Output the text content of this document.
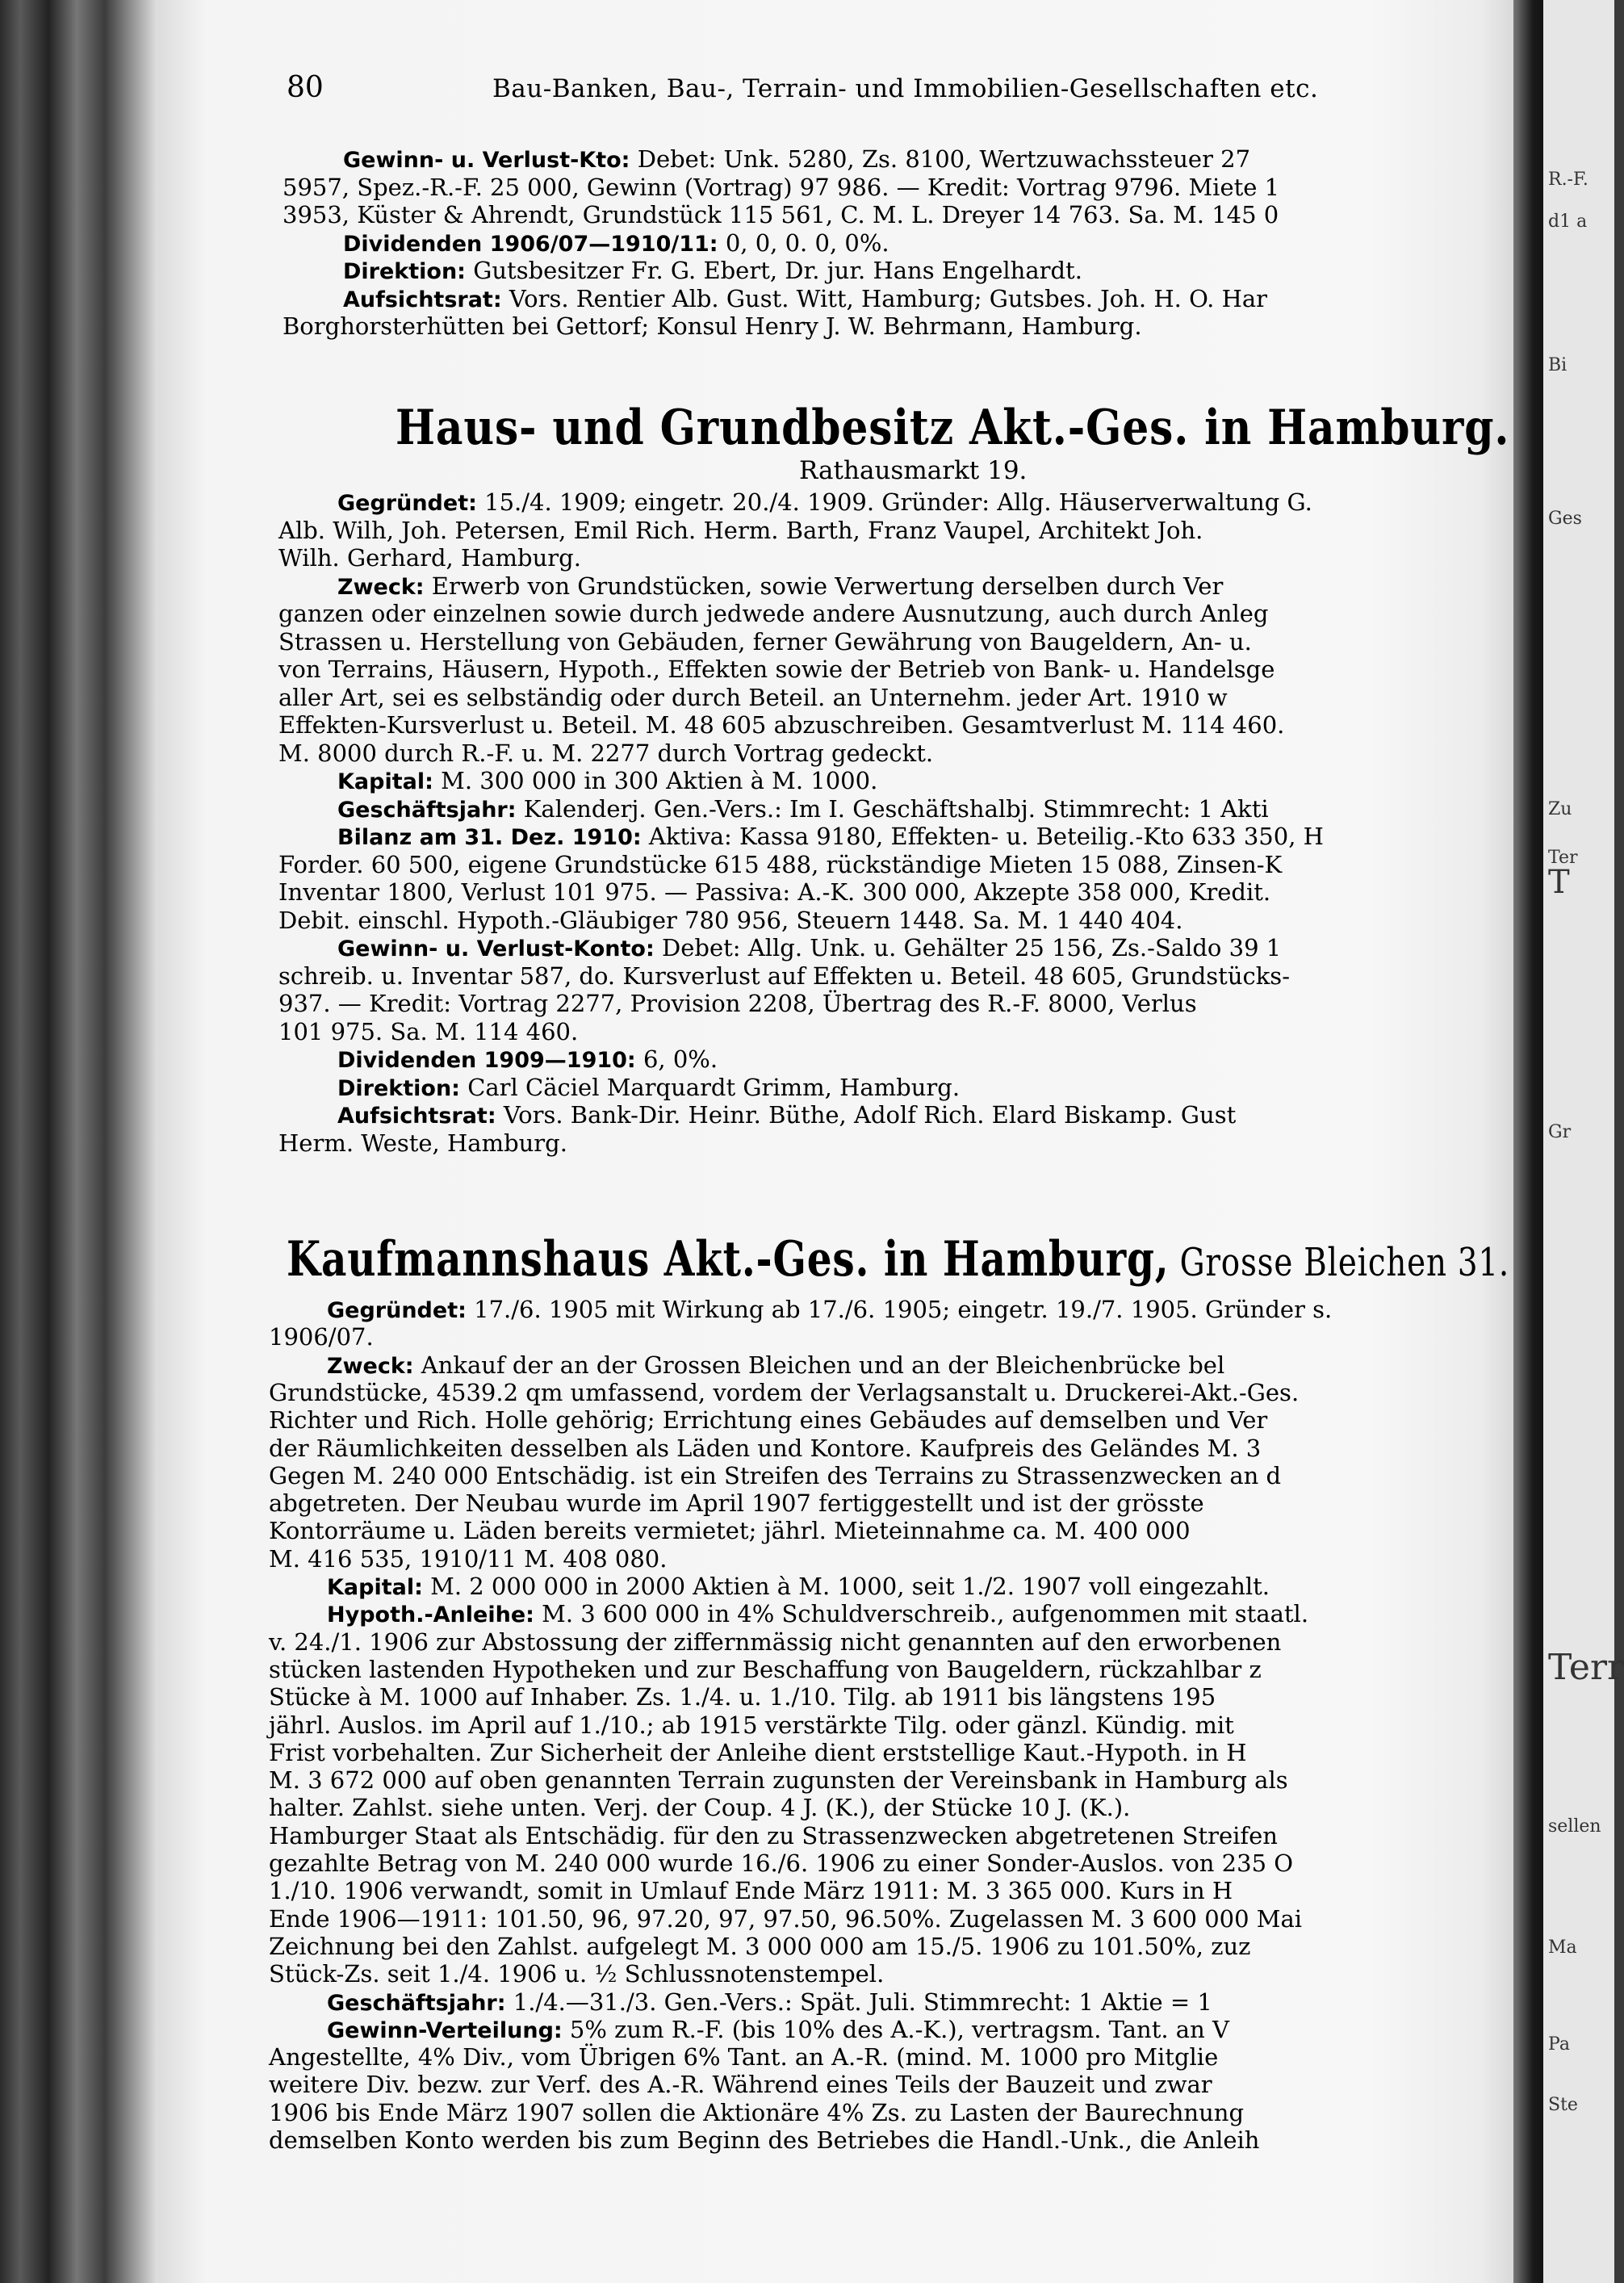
R.-F.
d1 a
Bi
Ter
Ges
Gr
Zu
T
Terr
sellen
Ma
Pa
Ste
80	Bau-Banken, Bau-, Terrain- und Immobilien-Gesellschaften etc.
Gewinn- u. Verlust-Kto: Debet: Unk. 5280, Zs. 8100, Wertzuwachssteuer 27
5957, Spez.-R.-F. 25 000, Gewinn (Vortrag) 97 986. — Kredit: Vortrag 9796. Miete 1
3953, Küster & Ahrendt, Grundstück 115 561, C. M. L. Dreyer 14 763. Sa. M. 145 0
Dividenden 1906/07—1910/11: 0, 0, 0. 0, 0%.
Direktion: Gutsbesitzer Fr. G. Ebert, Dr. jur. Hans Engelhardt.
Aufsichtsrat: Vors. Rentier Alb. Gust. Witt, Hamburg; Gutsbes. Joh. H. O. Har
Borghorsterhütten bei Gettorf; Konsul Henry J. W. Behrmann, Hamburg.
Haus- und Grundbesitz Akt.-Ges. in Hamburg.
Rathausmarkt 19.
Gegründet: 15./4. 1909; eingetr. 20./4. 1909. Gründer: Allg. Häuserverwaltung G.
Alb. Wilh, Joh. Petersen, Emil Rich. Herm. Barth, Franz Vaupel, Architekt Joh.
Wilh. Gerhard, Hamburg.
Zweck: Erwerb von Grundstücken, sowie Verwertung derselben durch Ver
ganzen oder einzelnen sowie durch jedwede andere Ausnutzung, auch durch Anleg
Strassen u. Herstellung von Gebäuden, ferner Gewährung von Baugeldern, An- u.
von Terrains, Häusern, Hypoth., Effekten sowie der Betrieb von Bank- u. Handelsge
aller Art, sei es selbständig oder durch Beteil. an Unternehm. jeder Art. 1910 w
Effekten-Kursverlust u. Beteil. M. 48 605 abzuschreiben. Gesamtverlust M. 114 460.
M. 8000 durch R.-F. u. M. 2277 durch Vortrag gedeckt.
Kapital: M. 300 000 in 300 Aktien à M. 1000.
Geschäftsjahr: Kalenderj. Gen.-Vers.: Im I. Geschäftshalbj. Stimmrecht: 1 Akti
Bilanz am 31. Dez. 1910: Aktiva: Kassa 9180, Effekten- u. Beteilig.-Kto 633 350, H
Forder. 60 500, eigene Grundstücke 615 488, rückständige Mieten 15 088, Zinsen-K
Inventar 1800, Verlust 101 975. — Passiva: A.-K. 300 000, Akzepte 358 000, Kredit.
Debit. einschl. Hypoth.-Gläubiger 780 956, Steuern 1448. Sa. M. 1 440 404.
Gewinn- u. Verlust-Konto: Debet: Allg. Unk. u. Gehälter 25 156, Zs.-Saldo 39 1
schreib. u. Inventar 587, do. Kursverlust auf Effekten u. Beteil. 48 605, Grundstücks-
937. — Kredit: Vortrag 2277, Provision 2208, Übertrag des R.-F. 8000, Verlus
101 975. Sa. M. 114 460.
Dividenden 1909—1910: 6, 0%.
Direktion: Carl Cäciel Marquardt Grimm, Hamburg.
Aufsichtsrat: Vors. Bank-Dir. Heinr. Büthe, Adolf Rich. Elard Biskamp. Gust
Herm. Weste, Hamburg.
Kaufmannshaus Akt.-Ges. in Hamburg, Grosse Bleichen 31.
Gegründet: 17./6. 1905 mit Wirkung ab 17./6. 1905; eingetr. 19./7. 1905. Gründer s.
1906/07.
Zweck: Ankauf der an der Grossen Bleichen und an der Bleichenbrücke bel
Grundstücke, 4539.2 qm umfassend, vordem der Verlagsanstalt u. Druckerei-Akt.-Ges.
Richter und Rich. Holle gehörig; Errichtung eines Gebäudes auf demselben und Ver
der Räumlichkeiten desselben als Läden und Kontore. Kaufpreis des Geländes M. 3
Gegen M. 240 000 Entschädig. ist ein Streifen des Terrains zu Strassenzwecken an d
abgetreten. Der Neubau wurde im April 1907 fertiggestellt und ist der grösste
Kontorräume u. Läden bereits vermietet; jährl. Mieteinnahme ca. M. 400 000
M. 416 535, 1910/11 M. 408 080.
Kapital: M. 2 000 000 in 2000 Aktien à M. 1000, seit 1./2. 1907 voll eingezahlt.
Hypoth.-Anleihe: M. 3 600 000 in 4% Schuldverschreib., aufgenommen mit staatl.
v. 24./1. 1906 zur Abstossung der ziffernmässig nicht genannten auf den erworbenen
stücken lastenden Hypotheken und zur Beschaffung von Baugeldern, rückzahlbar z
Stücke à M. 1000 auf Inhaber. Zs. 1./4. u. 1./10. Tilg. ab 1911 bis längstens 195
jährl. Auslos. im April auf 1./10.; ab 1915 verstärkte Tilg. oder gänzl. Kündig. mit
Frist vorbehalten. Zur Sicherheit der Anleihe dient erststellige Kaut.-Hypoth. in H
M. 3 672 000 auf oben genannten Terrain zugunsten der Vereinsbank in Hamburg als
halter. Zahlst. siehe unten. Verj. der Coup. 4 J. (K.), der Stücke 10 J. (K.).
Hamburger Staat als Entschädig. für den zu Strassenzwecken abgetretenen Streifen
gezahlte Betrag von M. 240 000 wurde 16./6. 1906 zu einer Sonder-Auslos. von 235 O
1./10. 1906 verwandt, somit in Umlauf Ende März 1911: M. 3 365 000. Kurs in H
Ende 1906—1911: 101.50, 96, 97.20, 97, 97.50, 96.50%. Zugelassen M. 3 600 000 Mai
Zeichnung bei den Zahlst. aufgelegt M. 3 000 000 am 15./5. 1906 zu 101.50%, zuz
Stück-Zs. seit 1./4. 1906 u. ½ Schlussnotenstempel.
Geschäftsjahr: 1./4.—31./3. Gen.-Vers.: Spät. Juli. Stimmrecht: 1 Aktie = 1
Gewinn-Verteilung: 5% zum R.-F. (bis 10% des A.-K.), vertragsm. Tant. an V
Angestellte, 4% Div., vom Übrigen 6% Tant. an A.-R. (mind. M. 1000 pro Mitglie
weitere Div. bezw. zur Verf. des A.-R. Während eines Teils der Bauzeit und zwar
1906 bis Ende März 1907 sollen die Aktionäre 4% Zs. zu Lasten der Baurechnung
demselben Konto werden bis zum Beginn des Betriebes die Handl.-Unk., die Anleih
